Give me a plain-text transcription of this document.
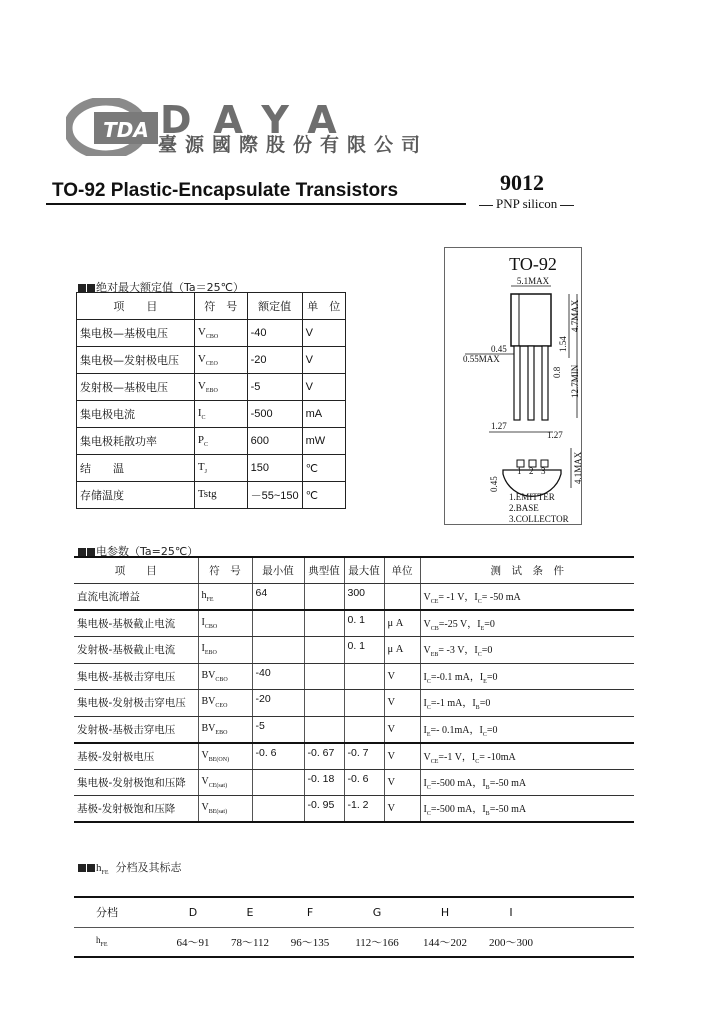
TDA DAYA
臺源國際股份有限公司
TO-92 Plastic-Encapsulate Transistors	9012
PNP silicon
TO-92
5.1MAX
1.54
4.7MAX
0.8 12.7MIN
0.45
0.55MAX
1.27
1.27
1 2 3	4.1MAX
0.45
1.EMITTER
2.BASE
3.COLLECTOR
绝对最大额定值（Ta＝25℃）
项　　目	符　号	额定值	单　位
集电极—基极电压	$V_{CBO}$	-40	V
集电极—发射极电压	$V_{CEO}$	-20	V
发射极—基极电压	$V_{EBO}$	-5	V
集电极电流	$I_C$	-500	mA
集电极耗散功率	$P_C$	600	mW
结　　温	$T_J$	150	℃
存储温度	Tstg	－55~150	℃
电参数（Ta=25℃）
项　　目	符　号	最小值	典型值	最大值	单位	测　试　条　件
直流电流增益	$h_{FE}$	64		300		$V_{CE}= -1$ V，$I_C= -50$ mA
集电极-基极截止电流	$I_{CBO}$			0. 1	μ A	$V_{CB}=-25$ V，$I_E=0$
发射极-基极截止电流	$I_{EBO}$			0. 1	μ A	$V_{EB}= -3$ V，$I_C=0$
集电极-基极击穿电压	$BV_{CBO}$	-40			V	$I_C=-0.1$ mA，$I_E=0$
集电极-发射极击穿电压	$BV_{CEO}$	-20			V	$I_C=-1$ mA，$I_B=0$
发射极-基极击穿电压	$BV_{EBO}$	-5			V	$I_E=-$ 0.1mA，$I_C=0$
基极-发射极电压	$V_{BE(ON)}$	-0. 6	-0. 67	-0. 7	V	$V_{CE}=-1$ V，$I_C= -10mA$
集电极-发射极饱和压降	$V_{CE(sat)}$		-0. 18	-0. 6	V	$I_C=-500$ mA，$I_B=-50$ mA
基极-发射极饱和压降	$V_{BE(sat)}$		-0. 95	-1. 2	V	$I_C=-500$ mA，$I_B=-50$ mA
$h_{FE}$ 分档及其标志
分档	D	E	F	G	H	I	
$h_{FE}$	64～91	78～112	96～135	112～166	144～202	200～300	
